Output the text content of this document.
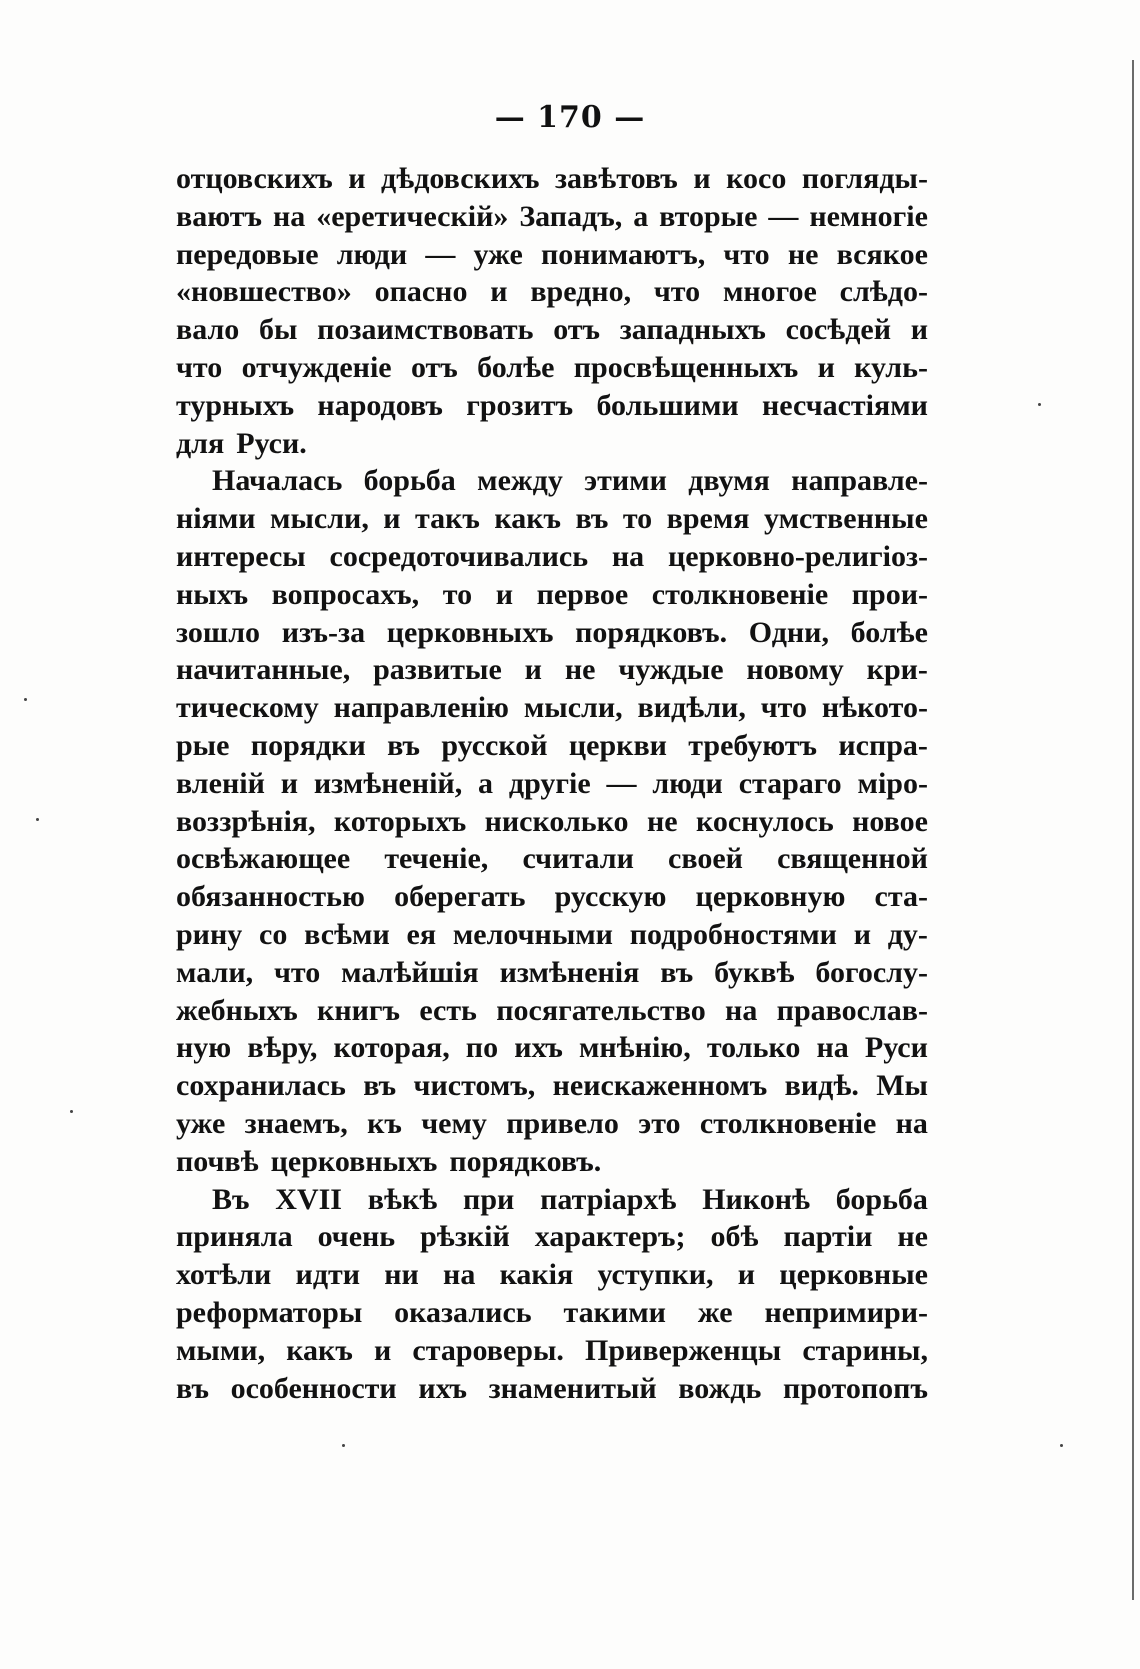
— 170 —
отцовскихъ и дѣдовскихъ завѣтовъ и косо погляды-
ваютъ на «еретическій» Западъ, а вторые — немногіе
передовые люди — уже понимаютъ, что не всякое
«новшество» опасно и вредно, что многое слѣдо-
вало бы позаимствовать отъ западныхъ сосѣдей и
что отчужденіе отъ болѣе просвѣщенныхъ и куль-
турныхъ народовъ грозитъ большими несчастіями
для Руси.
Началась борьба между этими двумя направле-
ніями мысли, и такъ какъ въ то время умственные
интересы сосредоточивались на церковно-религіоз-
ныхъ вопросахъ, то и первое столкновеніе прои-
зошло изъ-за церковныхъ порядковъ. Одни, болѣе
начитанные, развитые и не чуждые новому кри-
тическому направленію мысли, видѣли, что нѣкото-
рые порядки въ русской церкви требуютъ испра-
вленій и измѣненій, а другіе — люди стараго міро-
воззрѣнія, которыхъ нисколько не коснулось новое
освѣжающее теченіе, считали своей священной
обязанностью оберегать русскую церковную ста-
рину со всѣми ея мелочными подробностями и ду-
мали, что малѣйшія измѣненія въ буквѣ богослу-
жебныхъ книгъ есть посягательство на православ-
ную вѣру, которая, по ихъ мнѣнію, только на Руси
сохранилась въ чистомъ, неискаженномъ видѣ. Мы
уже знаемъ, къ чему привело это столкновеніе на
почвѣ церковныхъ порядковъ.
Въ XVII вѣкѣ при патріархѣ Никонѣ борьба
приняла очень рѣзкій характеръ; обѣ партіи не
хотѣли идти ни на какія уступки, и церковные
реформаторы оказались такими же непримири-
мыми, какъ и староверы. Приверженцы старины,
въ особенности ихъ знаменитый вождь протопопъ
